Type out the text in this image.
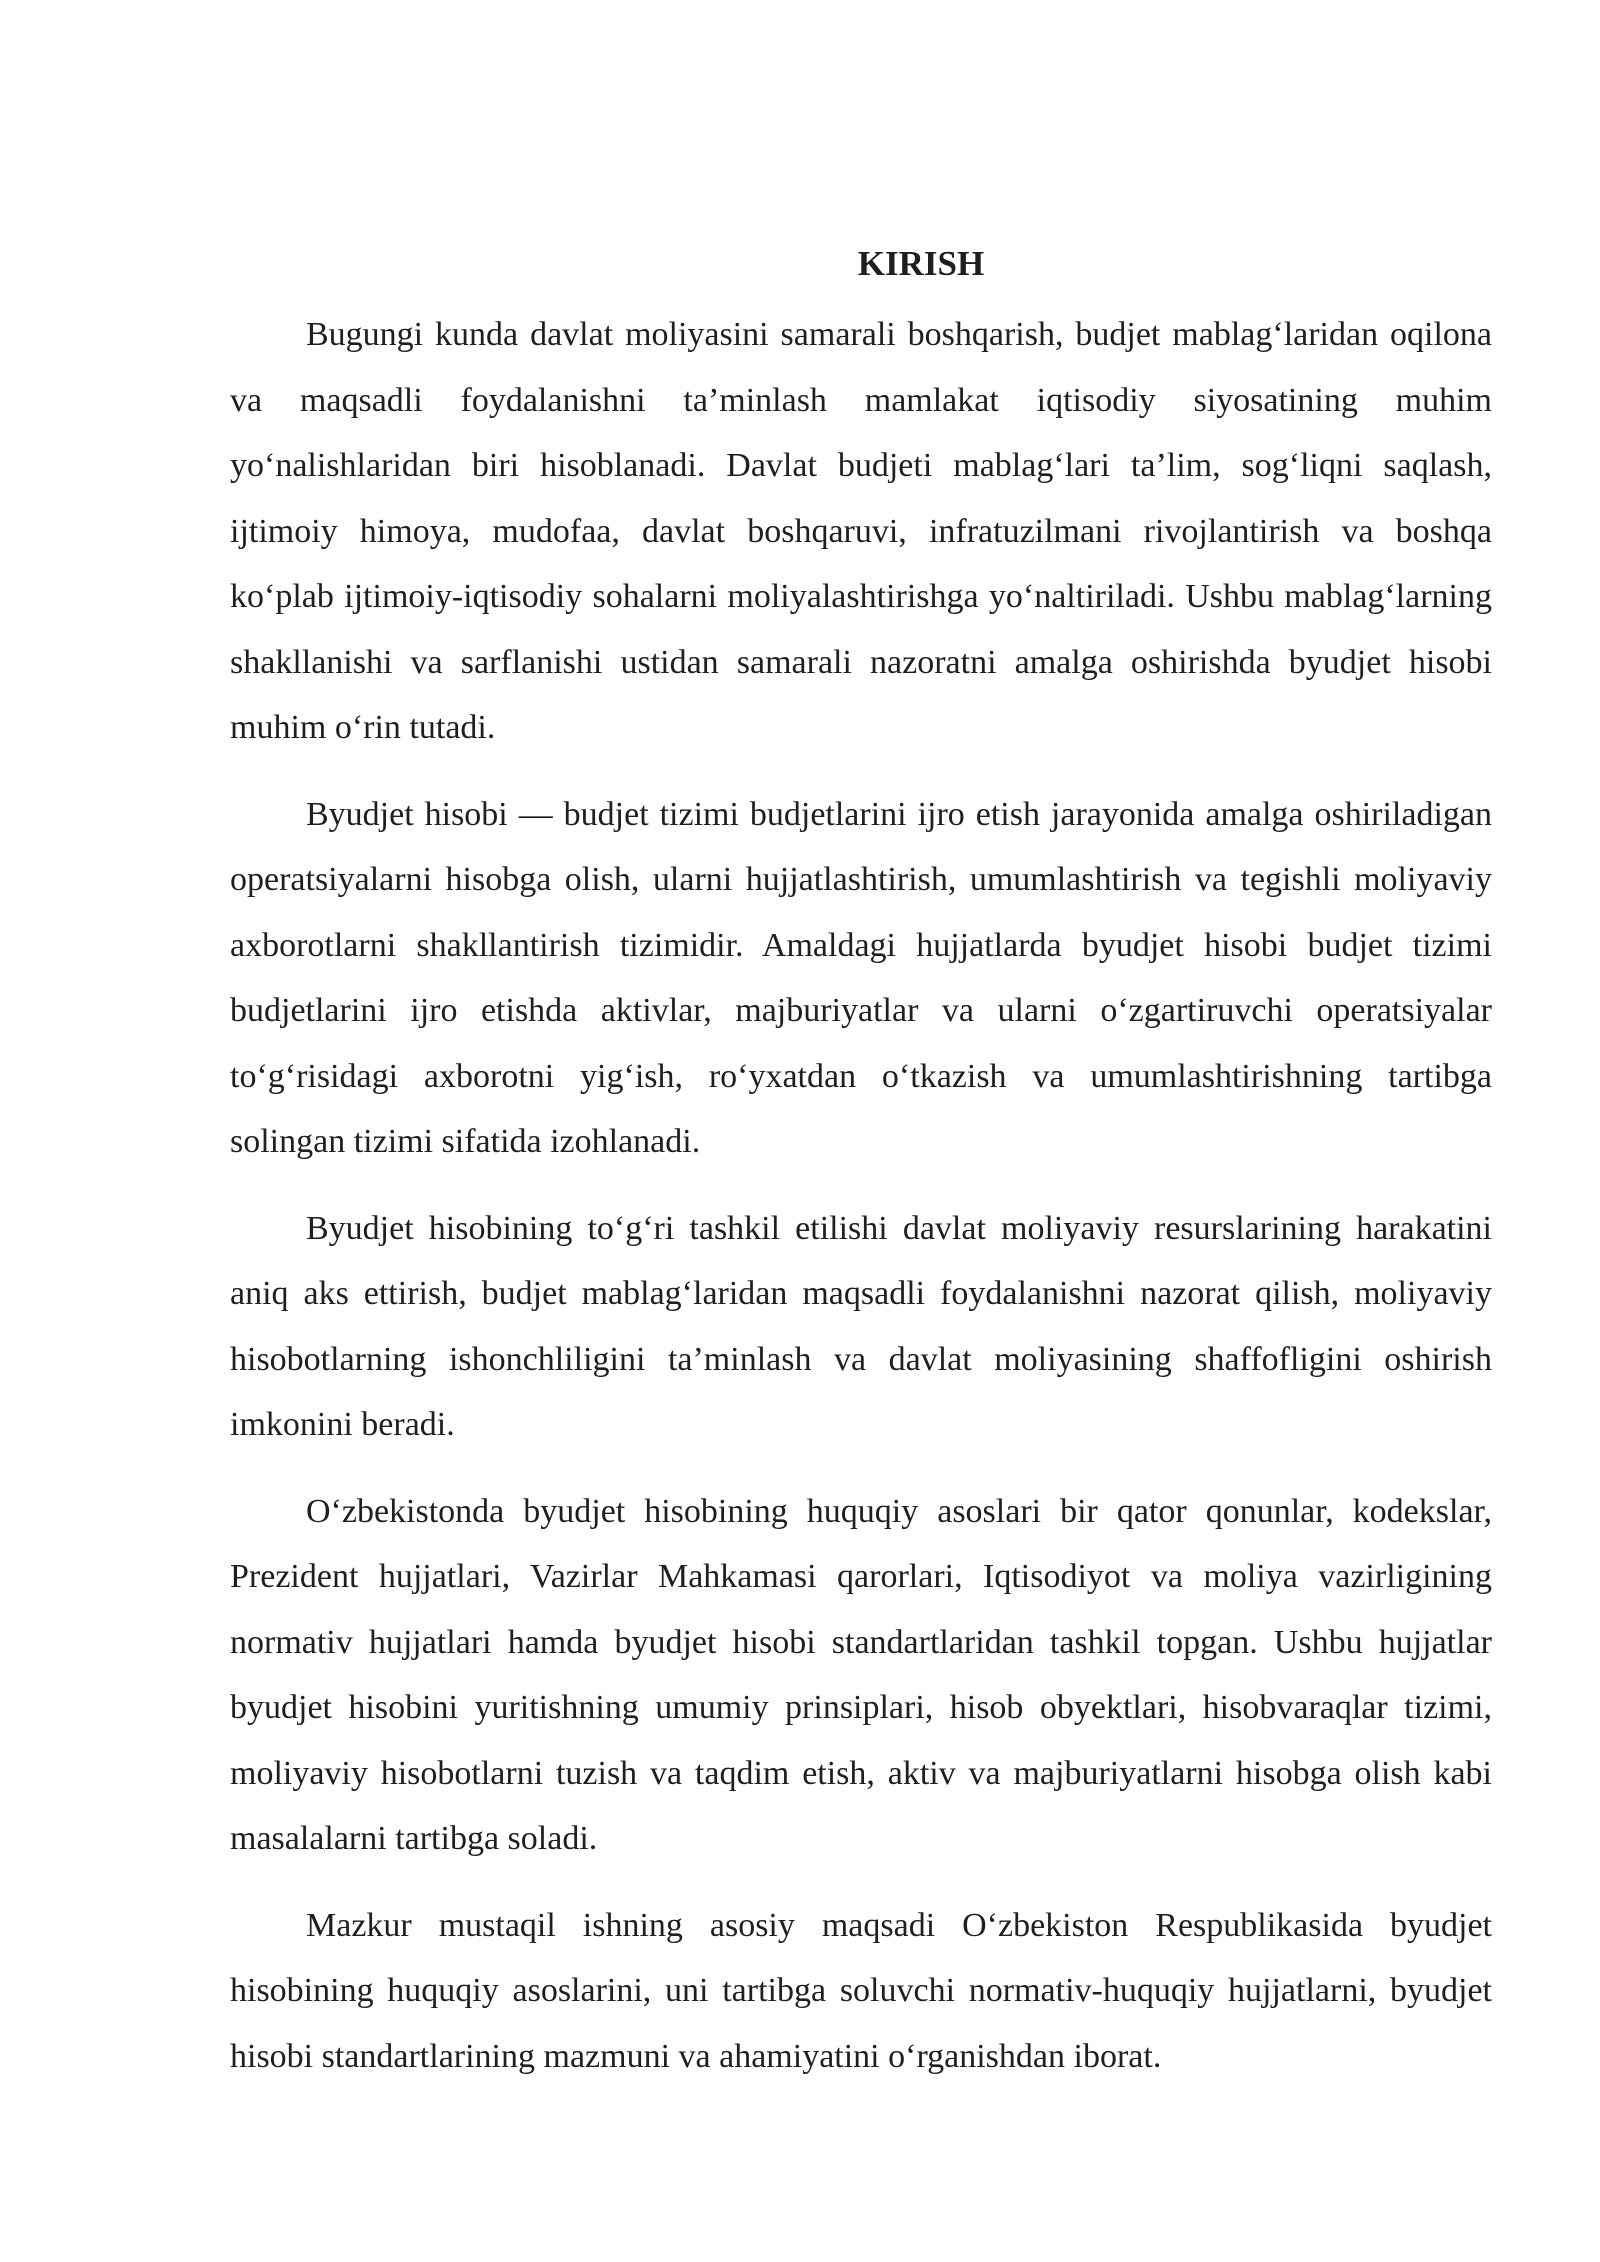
KIRISH

Bugungi kunda davlat moliyasini samarali boshqarish, budjet mablag‘laridan oqilona va maqsadli foydalanishni ta’minlash mamlakat iqtisodiy siyosatining muhim yo‘nalishlaridan biri hisoblanadi. Davlat budjeti mablag‘lari ta’lim, sog‘liqni saqlash, ijtimoiy himoya, mudofaa, davlat boshqaruvi, infratuzilmani rivojlantirish va boshqa ko‘plab ijtimoiy-iqtisodiy sohalarni moliyalashtirishga yo‘naltiriladi. Ushbu mablag‘larning shakllanishi va sarflanishi ustidan samarali nazoratni amalga oshirishda byudjet hisobi muhim o‘rin tutadi.

Byudjet hisobi — budjet tizimi budjetlarini ijro etish jarayonida amalga oshiriladigan operatsiyalarni hisobga olish, ularni hujjatlashtirish, umumlashtirish va tegishli moliyaviy axborotlarni shakllantirish tizimidir. Amaldagi hujjatlarda byudjet hisobi budjet tizimi budjetlarini ijro etishda aktivlar, majburiyatlar va ularni o‘zgartiruvchi operatsiyalar to‘g‘risidagi axborotni yig‘ish, ro‘yxatdan o‘tkazish va umumlashtirishning tartibga solingan tizimi sifatida izohlanadi.

Byudjet hisobining to‘g‘ri tashkil etilishi davlat moliyaviy resurslarining harakatini aniq aks ettirish, budjet mablag‘laridan maqsadli foydalanishni nazorat qilish, moliyaviy hisobotlarning ishonchliligini ta’minlash va davlat moliyasining shaffofligini oshirish imkonini beradi.

O‘zbekistonda byudjet hisobining huquqiy asoslari bir qator qonunlar, kodekslar, Prezident hujjatlari, Vazirlar Mahkamasi qarorlari, Iqtisodiyot va moliya vazirligining normativ hujjatlari hamda byudjet hisobi standartlaridan tashkil topgan. Ushbu hujjatlar byudjet hisobini yuritishning umumiy prinsiplari, hisob obyektlari, hisobvaraqlar tizimi, moliyaviy hisobotlarni tuzish va taqdim etish, aktiv va majburiyatlarni hisobga olish kabi masalalarni tartibga soladi.

Mazkur mustaqil ishning asosiy maqsadi O‘zbekiston Respublikasida byudjet hisobining huquqiy asoslarini, uni tartibga soluvchi normativ-huquqiy hujjatlarni, byudjet hisobi standartlarining mazmuni va ahamiyatini o‘rganishdan iborat.
